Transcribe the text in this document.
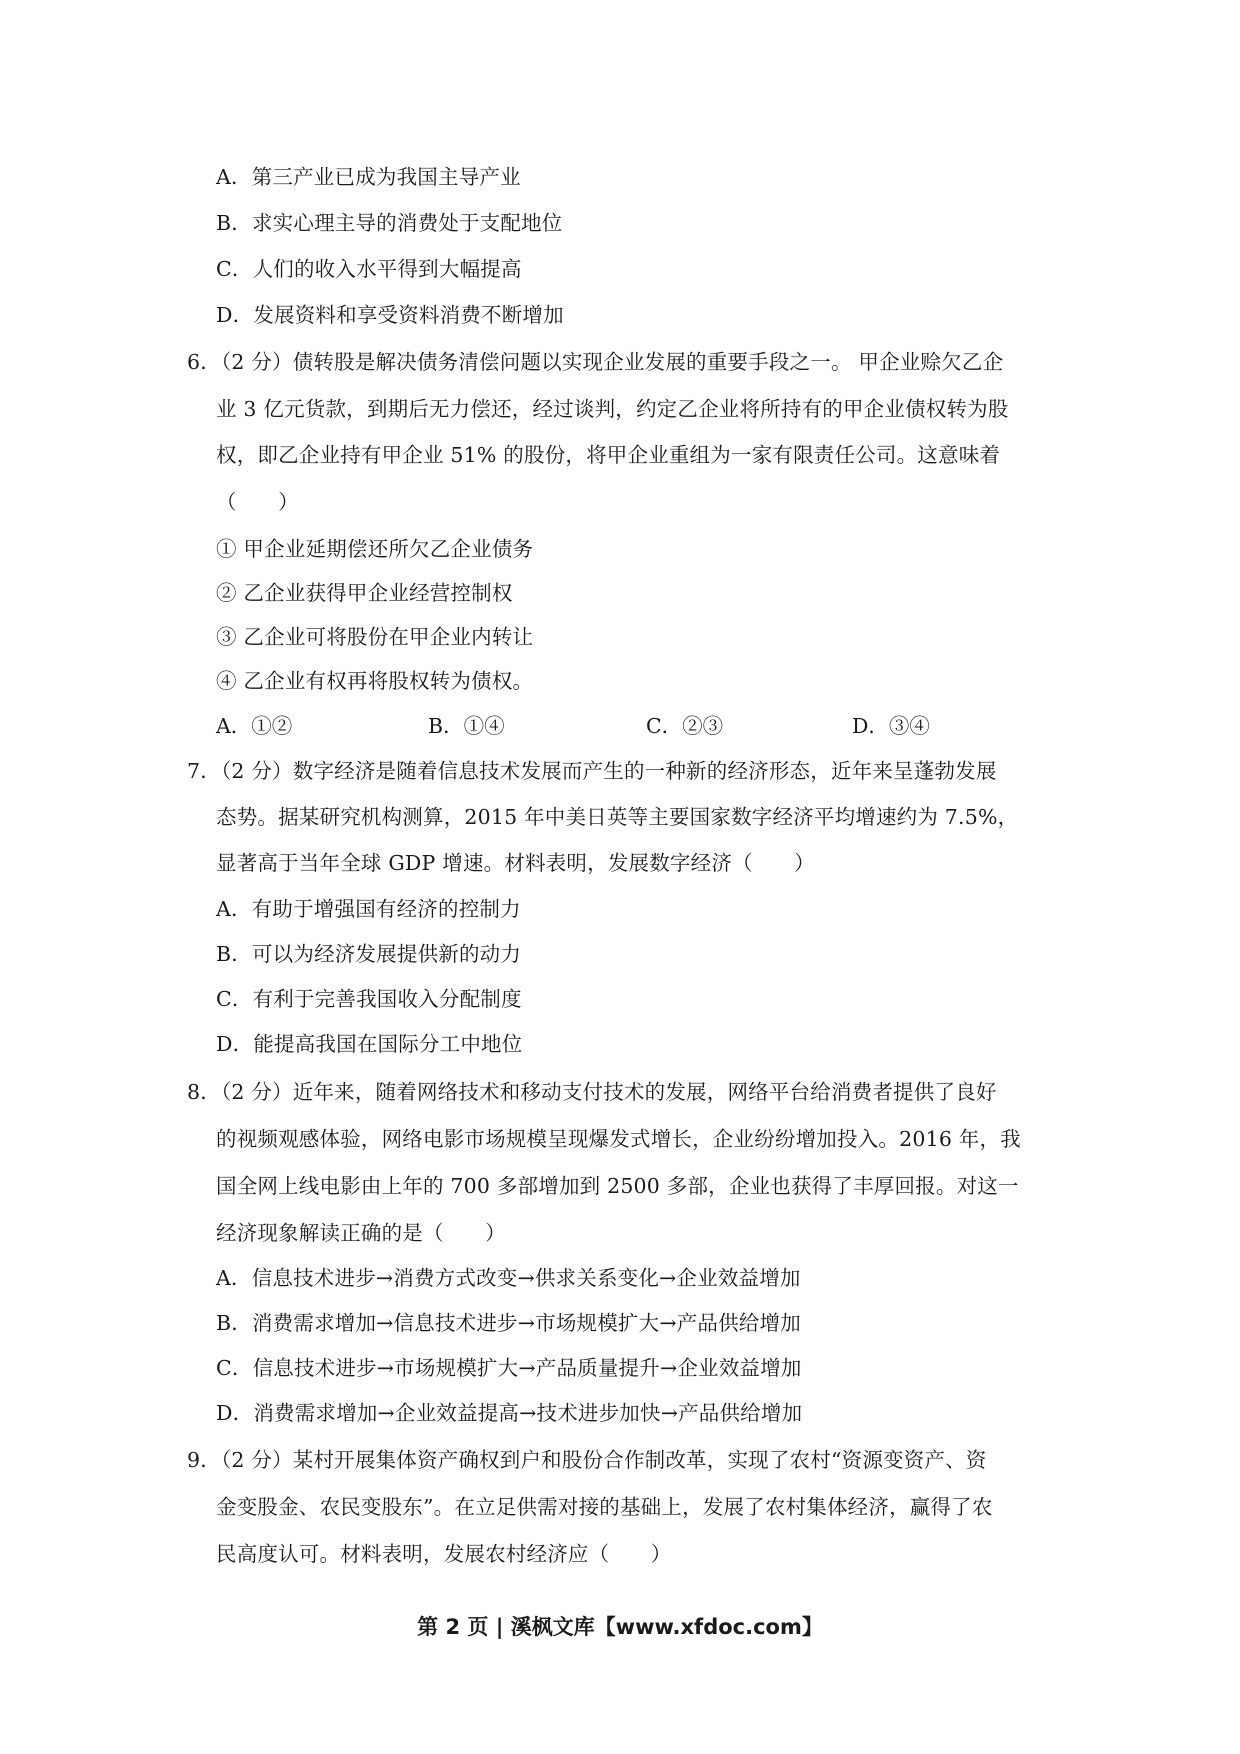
A．第三产业已成为我国主导产业
B．求实心理主导的消费处于支配地位
C．人们的收入水平得到大幅提高
D．发展资料和享受资料消费不断增加
6．（2 分）债转股是解决债务清偿问题以实现企业发展的重要手段之一。 甲企业赊欠乙企
业 3 亿元货款，到期后无力偿还，经过谈判，约定乙企业将所持有的甲企业债权转为股
权，即乙企业持有甲企业 51% 的股份，将甲企业重组为一家有限责任公司。这意味着
（　　）
① 甲企业延期偿还所欠乙企业债务
② 乙企业获得甲企业经营控制权
③ 乙企业可将股份在甲企业内转让
④ 乙企业有权再将股权转为债权。
A．①②	B．①④	C．②③	D．③④
7．（2 分）数字经济是随着信息技术发展而产生的一种新的经济形态，近年来呈蓬勃发展
态势。据某研究机构测算，2015 年中美日英等主要国家数字经济平均增速约为 7.5%，
显著高于当年全球 GDP 增速。材料表明，发展数字经济（　　）
A．有助于增强国有经济的控制力
B．可以为经济发展提供新的动力
C．有利于完善我国收入分配制度
D．能提高我国在国际分工中地位
8．（2 分）近年来，随着网络技术和移动支付技术的发展，网络平台给消费者提供了良好
的视频观感体验，网络电影市场规模呈现爆发式增长，企业纷纷增加投入。2016 年，我
国全网上线电影由上年的 700 多部增加到 2500 多部，企业也获得了丰厚回报。对这一
经济现象解读正确的是（　　）
A．信息技术进步→消费方式改变→供求关系变化→企业效益增加
B．消费需求增加→信息技术进步→市场规模扩大→产品供给增加
C．信息技术进步→市场规模扩大→产品质量提升→企业效益增加
D．消费需求增加→企业效益提高→技术进步加快→产品供给增加
9．（2 分）某村开展集体资产确权到户和股份合作制改革，实现了农村“资源变资产、资
金变股金、农民变股东”。在立足供需对接的基础上，发展了农村集体经济，赢得了农
民高度认可。材料表明，发展农村经济应（　　）
第 2 页 | 溪枫文库【www.xfdoc.com】
